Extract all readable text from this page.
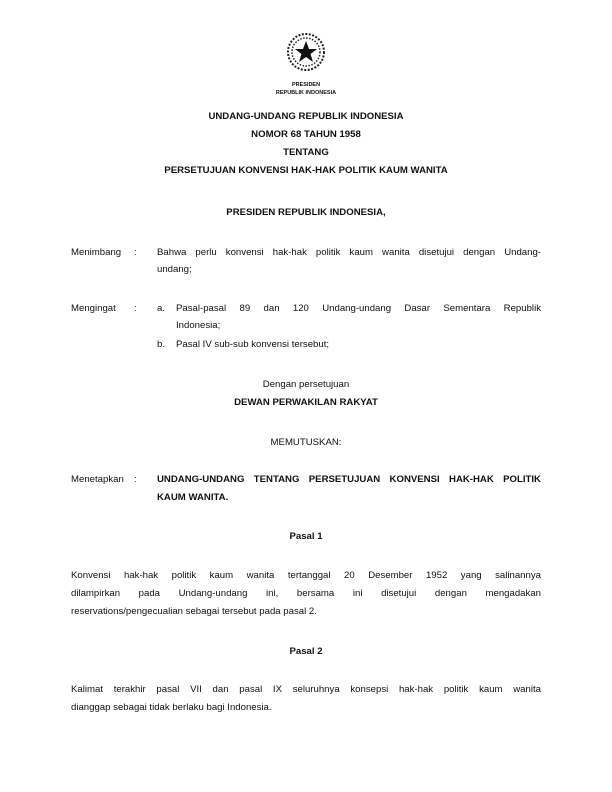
PRESIDEN
REPUBLIK INDONESIA
UNDANG-UNDANG REPUBLIK INDONESIA
NOMOR 68 TAHUN 1958
TENTANG
PERSETUJUAN KONVENSI HAK-HAK POLITIK KAUM WANITA
PRESIDEN REPUBLIK INDONESIA,
Menimbang : Bahwa perlu konvensi hak-hak politik kaum wanita disetujui dengan Undang-
undang;
Mengingat : a. Pasal-pasal 89 dan 120 Undang-undang Dasar Sementara Republik
Indonesia;
b. Pasal IV sub-sub konvensi tersebut;
Dengan persetujuan
DEWAN PERWAKILAN RAKYAT
MEMUTUSKAN:
Menetapkan : UNDANG-UNDANG TENTANG PERSETUJUAN KONVENSI HAK-HAK POLITIK
KAUM WANITA.
Pasal 1
Konvensi hak-hak politik kaum wanita tertanggal 20 Desember 1952 yang salinannya
dilampirkan pada Undang-undang ini, bersama ini disetujui dengan mengadakan
reservations/pengecualian sebagai tersebut pada pasal 2.
Pasal 2
Kalimat terakhir pasal VII dan pasal IX seluruhnya konsepsi hak-hak politik kaum wanita
dianggap sebagai tidak berlaku bagi Indonesia.
